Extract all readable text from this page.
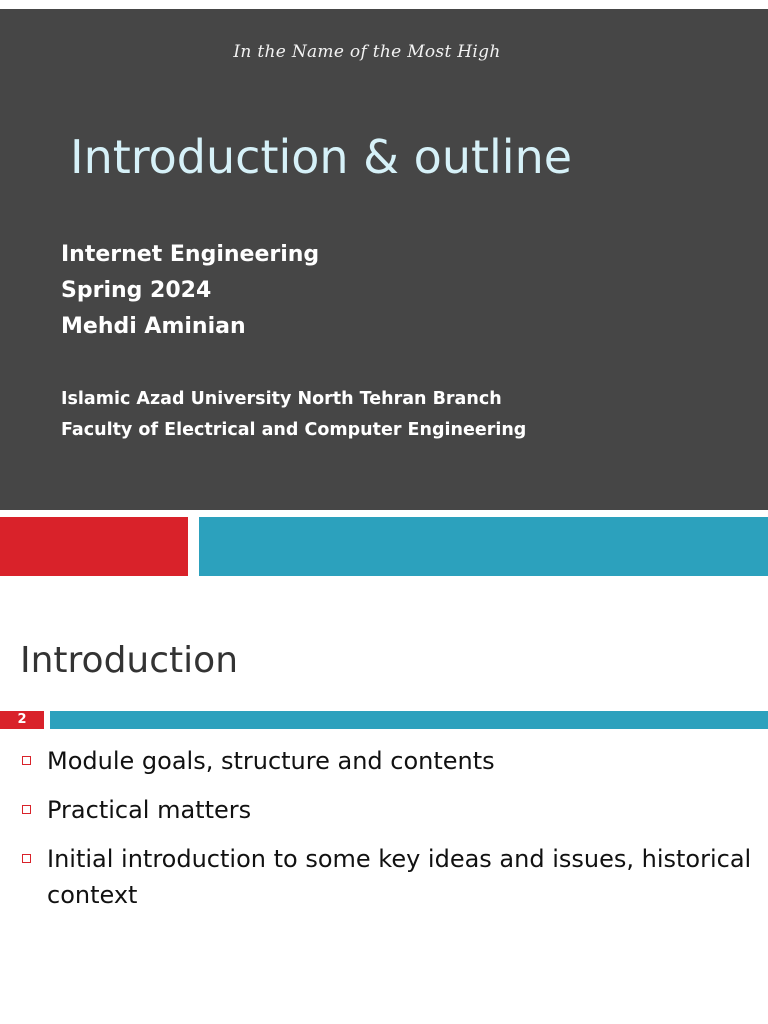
In the Name of the Most High
Introduction & outline
Internet Engineering
Spring 2024
Mehdi Aminian
Islamic Azad University North Tehran Branch
Faculty of Electrical and Computer Engineering
Introduction
2
Module goals, structure and contents
Practical matters
Initial introduction to some key ideas and issues, historical context
